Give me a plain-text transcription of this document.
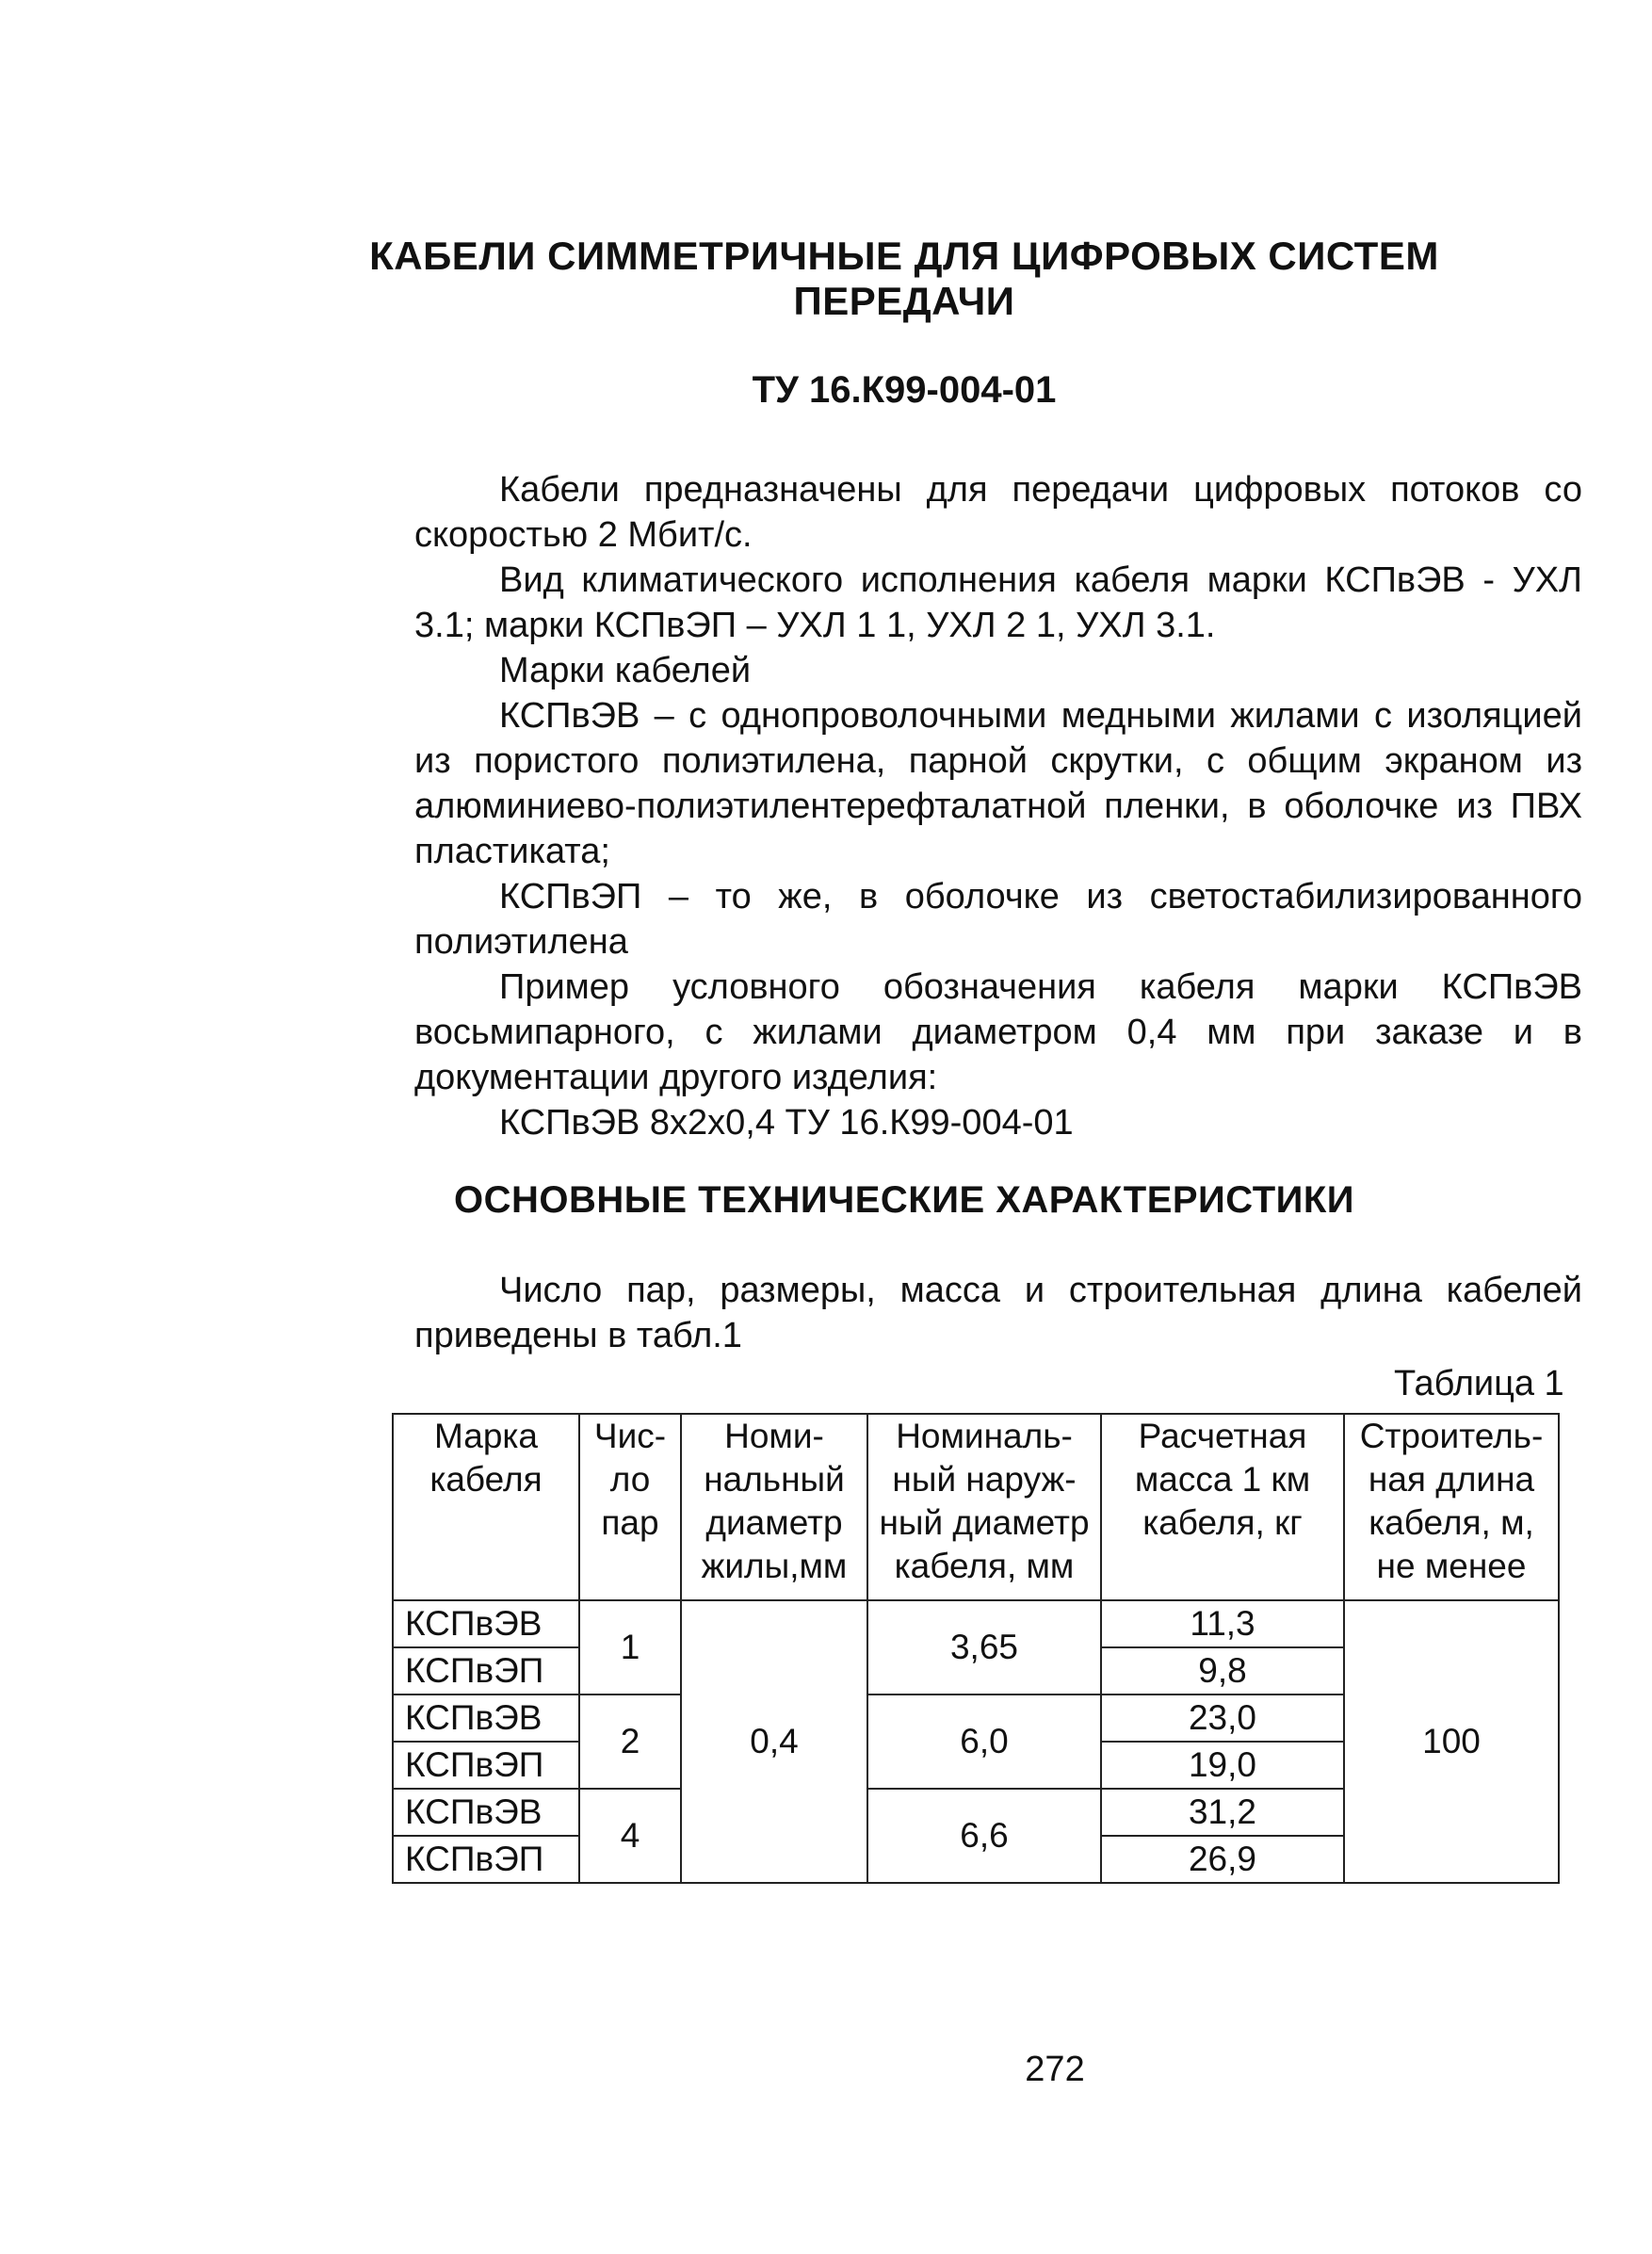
КАБЕЛИ СИММЕТРИЧНЫЕ ДЛЯ ЦИФРОВЫХ СИСТЕМ
ПЕРЕДАЧИ
ТУ 16.К99-004-01

Кабели предназначены для передачи цифровых потоков со скоростью 2 Мбит/с.

Вид климатического исполнения кабеля марки КСПвЭВ - УХЛ 3.1; марки КСПвЭП – УХЛ 1 1, УХЛ 2 1, УХЛ 3.1.

Марки кабелей

КСПвЭВ – с однопроволочными медными жилами с изоляцией из пористого полиэтилена, парной скрутки, с общим экраном из алюминиево-полиэтилентерефталатной пленки, в оболочке из ПВХ пластиката;

КСПвЭП – то же, в оболочке из светостабилизированного полиэтилена

Пример условного обозначения кабеля марки КСПвЭВ восьмипарного, с жилами диаметром 0,4 мм при заказе и в документации другого изделия:

КСПвЭВ 8х2х0,4 ТУ 16.К99-004-01

ОСНОВНЫЕ ТЕХНИЧЕСКИЕ ХАРАКТЕРИСТИКИ

Число пар, размеры, масса и строительная длина кабелей приведены в табл.1

Таблица 1
Марка кабеля	Чис-ло пар	Номи-нальный диаметр жилы,мм	Номиналь-ный наруж-ный диаметр кабеля, мм	Расчетная масса 1 км кабеля, кг	Строитель-ная длина кабеля, м, не менее
КСПвЭВ	1	0,4	3,65	11,3	100
КСПвЭП				9,8	
КСПвЭВ	2		6,0	23,0	
КСПвЭП				19,0	
КСПвЭВ	4		6,6	31,2	
КСПвЭП				26,9	
272
